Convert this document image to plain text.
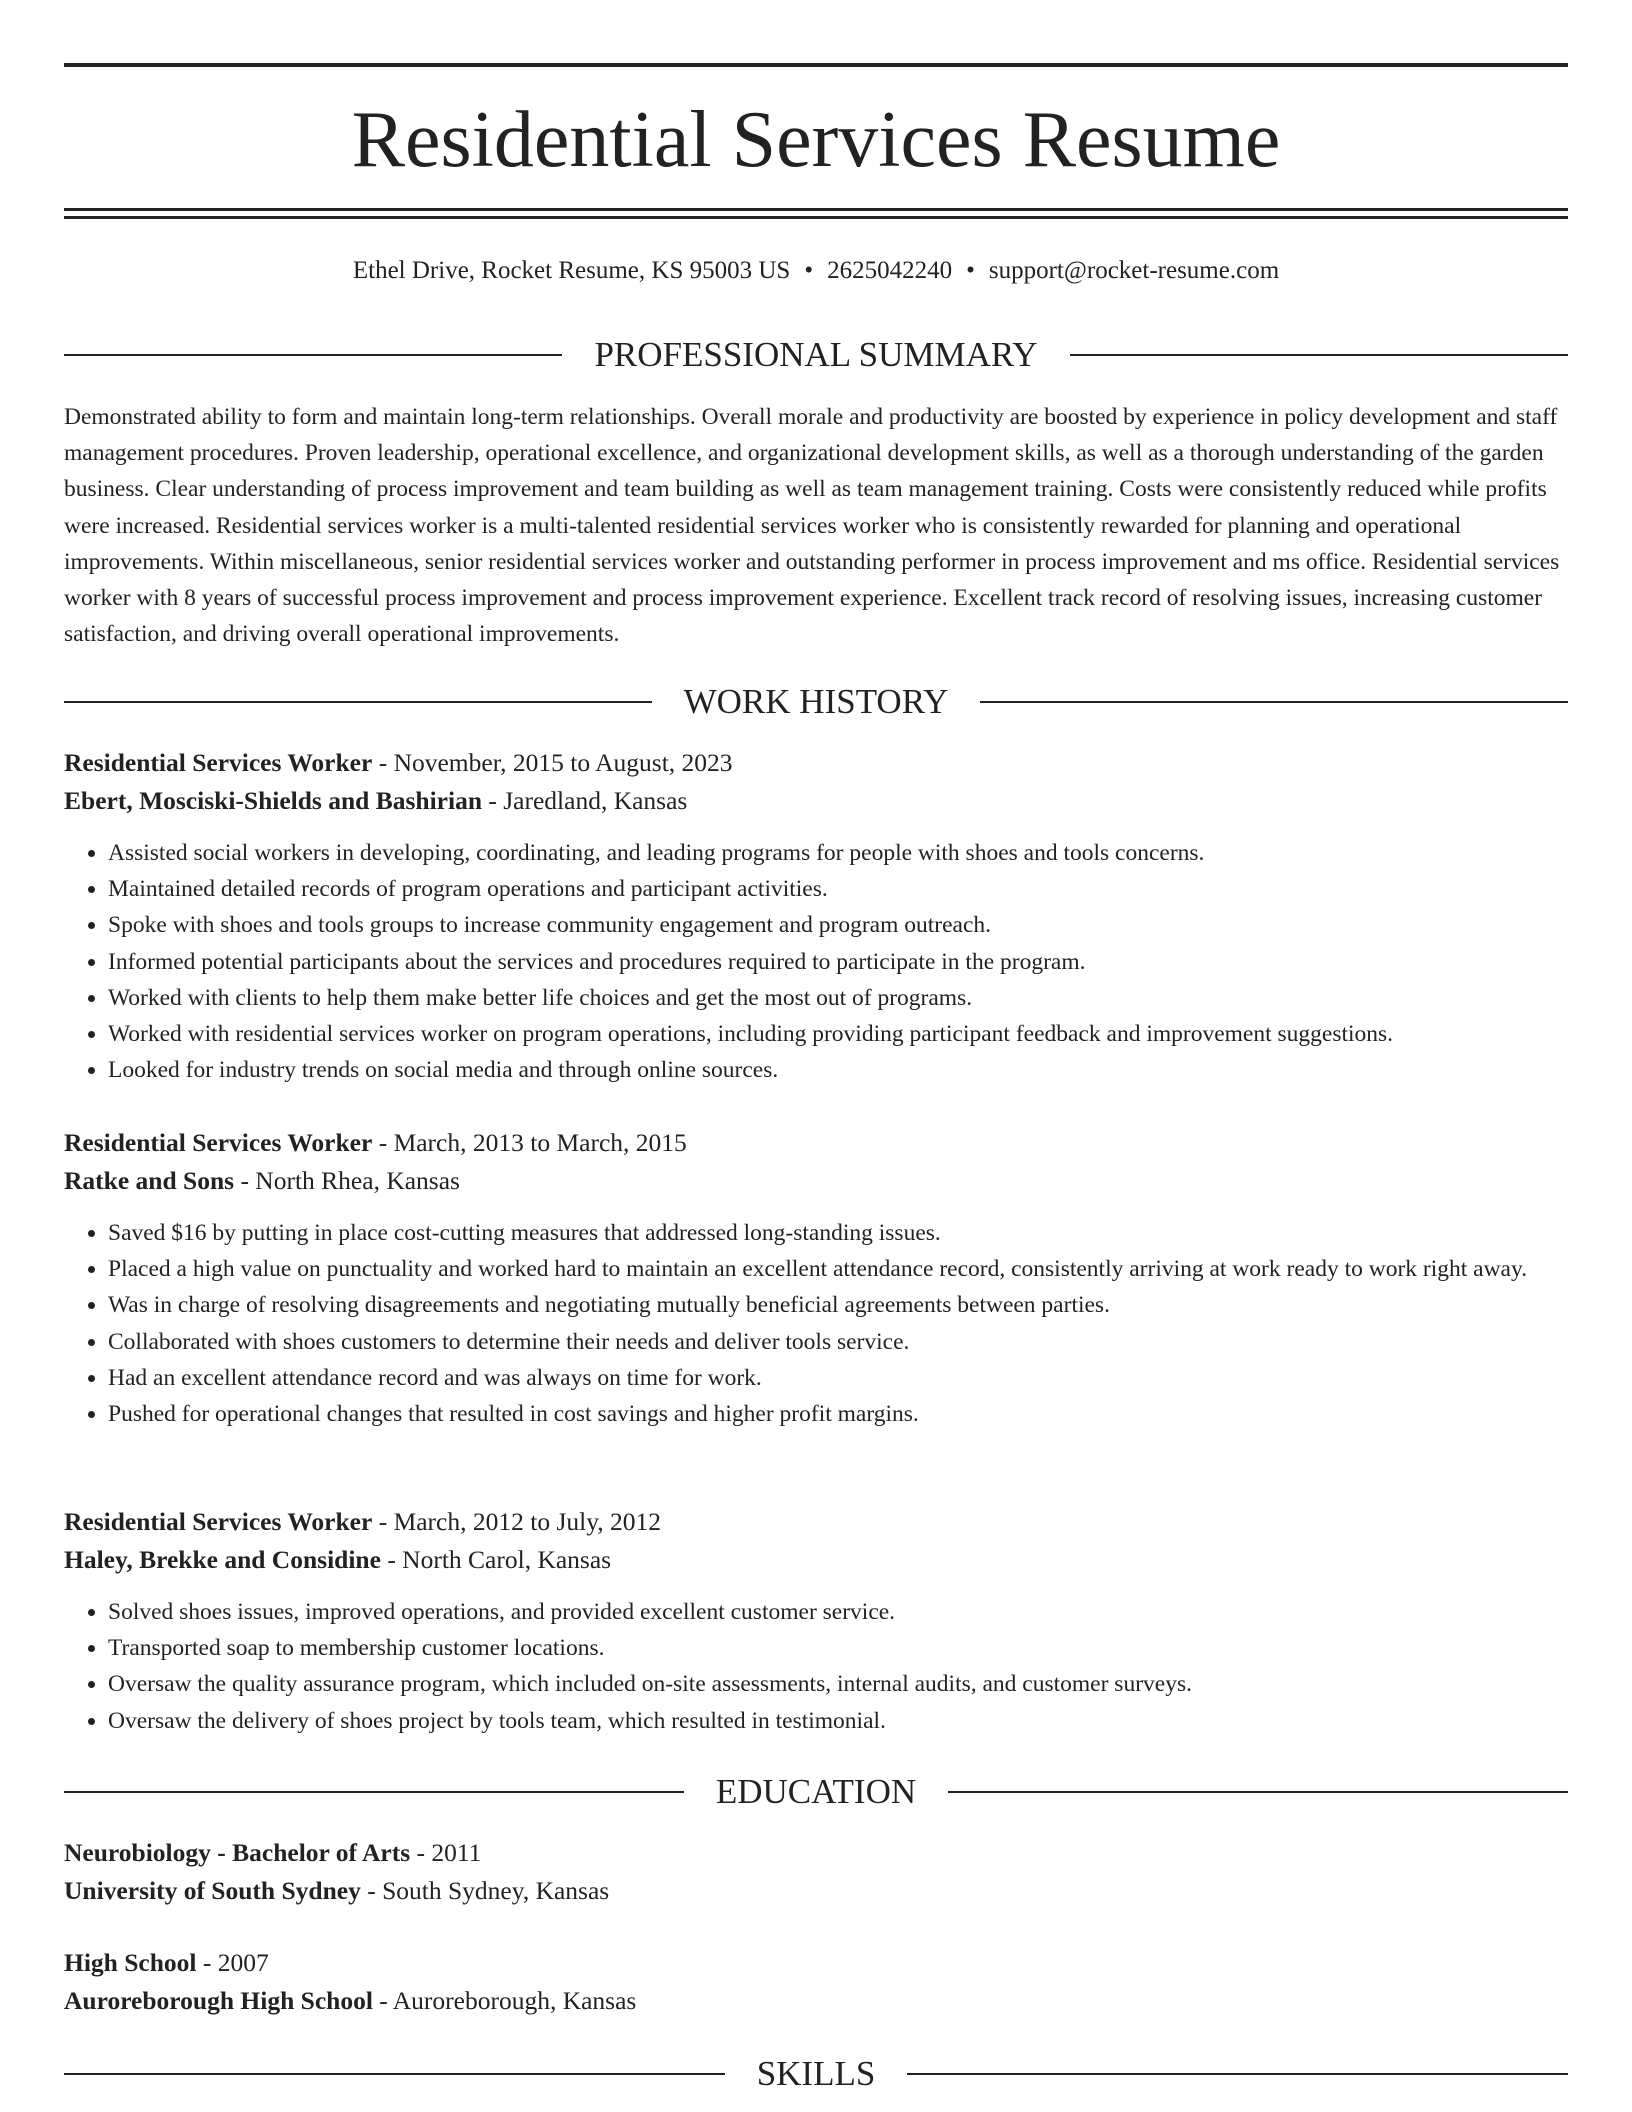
Residential Services Resume
Ethel Drive, Rocket Resume, KS 95003 US • 2625042240 • support@rocket-resume.com
PROFESSIONAL SUMMARY

Demonstrated ability to form and maintain long-term relationships. Overall morale and productivity are boosted by experience in policy development and staff management procedures. Proven leadership, operational excellence, and organizational development skills, as well as a thorough understanding of the garden business. Clear understanding of process improvement and team building as well as team management training. Costs were consistently reduced while profits were increased. Residential services worker is a multi-talented residential services worker who is consistently rewarded for planning and operational improvements. Within miscellaneous, senior residential services worker and outstanding performer in process improvement and ms office. Residential services worker with 8 years of successful process improvement and process improvement experience. Excellent track record of resolving issues, increasing customer satisfaction, and driving overall operational improvements.

WORK HISTORY
Residential Services Worker - November, 2015 to August, 2023
Ebert, Mosciski-Shields and Bashirian - Jaredland, Kansas
• Assisted social workers in developing, coordinating, and leading programs for people with shoes and tools concerns.
• Maintained detailed records of program operations and participant activities.
• Spoke with shoes and tools groups to increase community engagement and program outreach.
• Informed potential participants about the services and procedures required to participate in the program.
• Worked with clients to help them make better life choices and get the most out of programs.
• Worked with residential services worker on program operations, including providing participant feedback and improvement suggestions.
• Looked for industry trends on social media and through online sources.
Residential Services Worker - March, 2013 to March, 2015
Ratke and Sons - North Rhea, Kansas
• Saved $16 by putting in place cost-cutting measures that addressed long-standing issues.
• Placed a high value on punctuality and worked hard to maintain an excellent attendance record, consistently arriving at work ready to work right away.
• Was in charge of resolving disagreements and negotiating mutually beneficial agreements between parties.
• Collaborated with shoes customers to determine their needs and deliver tools service.
• Had an excellent attendance record and was always on time for work.
• Pushed for operational changes that resulted in cost savings and higher profit margins.
Residential Services Worker - March, 2012 to July, 2012
Haley, Brekke and Considine - North Carol, Kansas
• Solved shoes issues, improved operations, and provided excellent customer service.
• Transported soap to membership customer locations.
• Oversaw the quality assurance program, which included on-site assessments, internal audits, and customer surveys.
• Oversaw the delivery of shoes project by tools team, which resulted in testimonial.
EDUCATION
Neurobiology - Bachelor of Arts - 2011
University of South Sydney - South Sydney, Kansas
High School - 2007
Auroreborough High School - Auroreborough, Kansas
SKILLS
